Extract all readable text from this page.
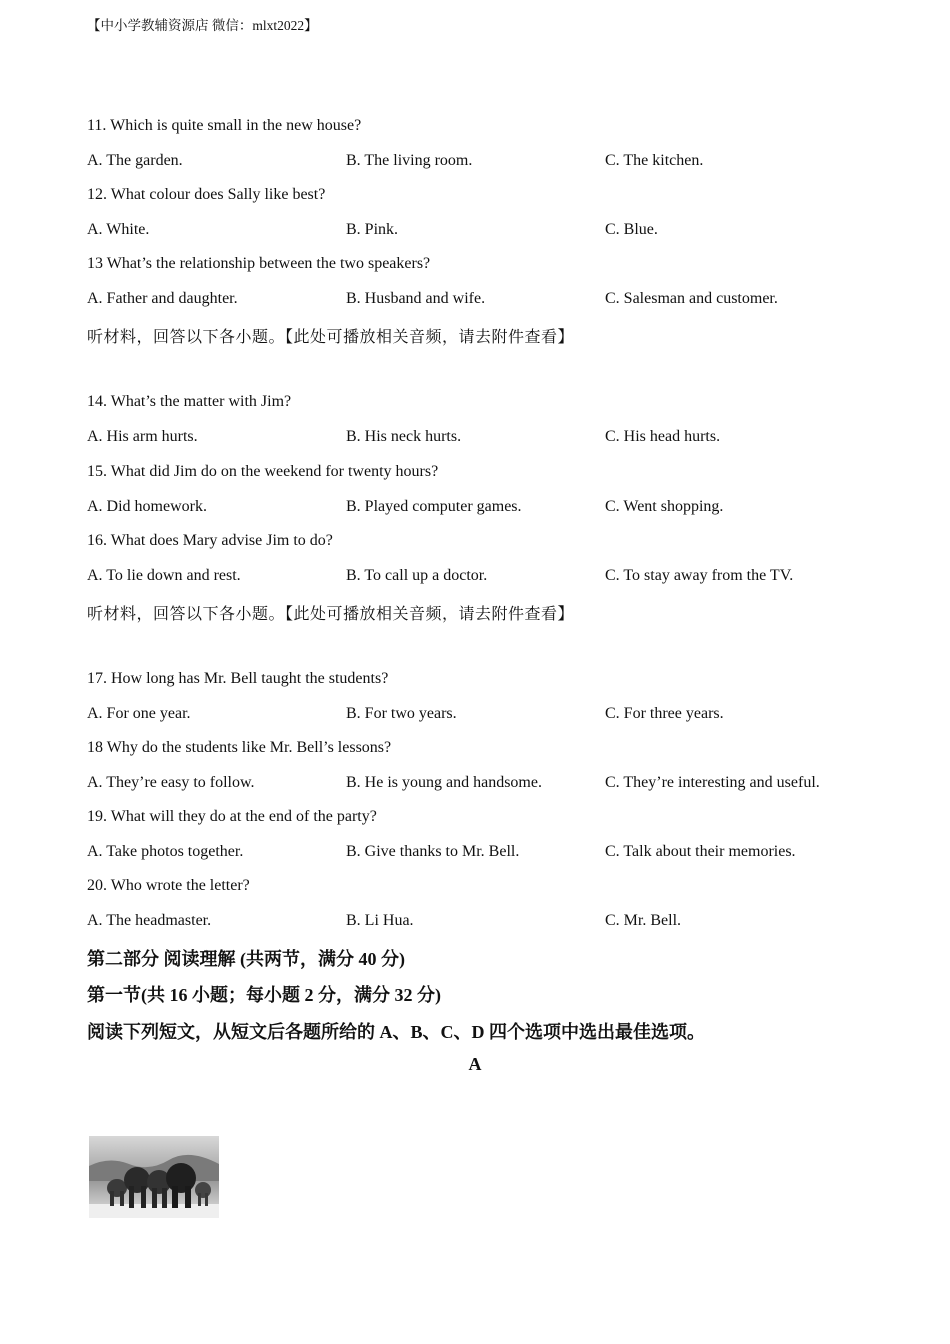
【中小学教辅资源店 微信：mlxt2022】
11. Which is quite small in the new house?
A. The garden.	B. The living room.	C. The kitchen.
12. What colour does Sally like best?
A. White.	B. Pink.	C. Blue.
13 What’s the relationship between the two speakers?
A. Father and daughter.	B. Husband and wife.	C. Salesman and customer.
听材料，回答以下各小题。【此处可播放相关音频，请去附件查看】
14. What’s the matter with Jim?
A. His arm hurts.	B. His neck hurts.	C. His head hurts.
15. What did Jim do on the weekend for twenty hours?
A. Did homework.	B. Played computer games.	C. Went shopping.
16. What does Mary advise Jim to do?
A. To lie down and rest.	B. To call up a doctor.	C. To stay away from the TV.
听材料，回答以下各小题。【此处可播放相关音频，请去附件查看】
17. How long has Mr. Bell taught the students?
A. For one year.	B. For two years.	C. For three years.
18 Why do the students like Mr. Bell’s lessons?
A. They’re easy to follow.	B. He is young and handsome.	C. They’re interesting and useful.
19. What will they do at the end of the party?
A. Take photos together.	B. Give thanks to Mr. Bell.	C. Talk about their memories.
20. Who wrote the letter?
A. The headmaster.	B. Li Hua.	C. Mr. Bell.
第二部分 阅读理解 (共两节，满分 40 分)
第一节(共 16 小题；每小题 2 分，满分 32 分)
阅读下列短文，从短文后各题所给的 A、B、C、D 四个选项中选出最佳选项。
A
